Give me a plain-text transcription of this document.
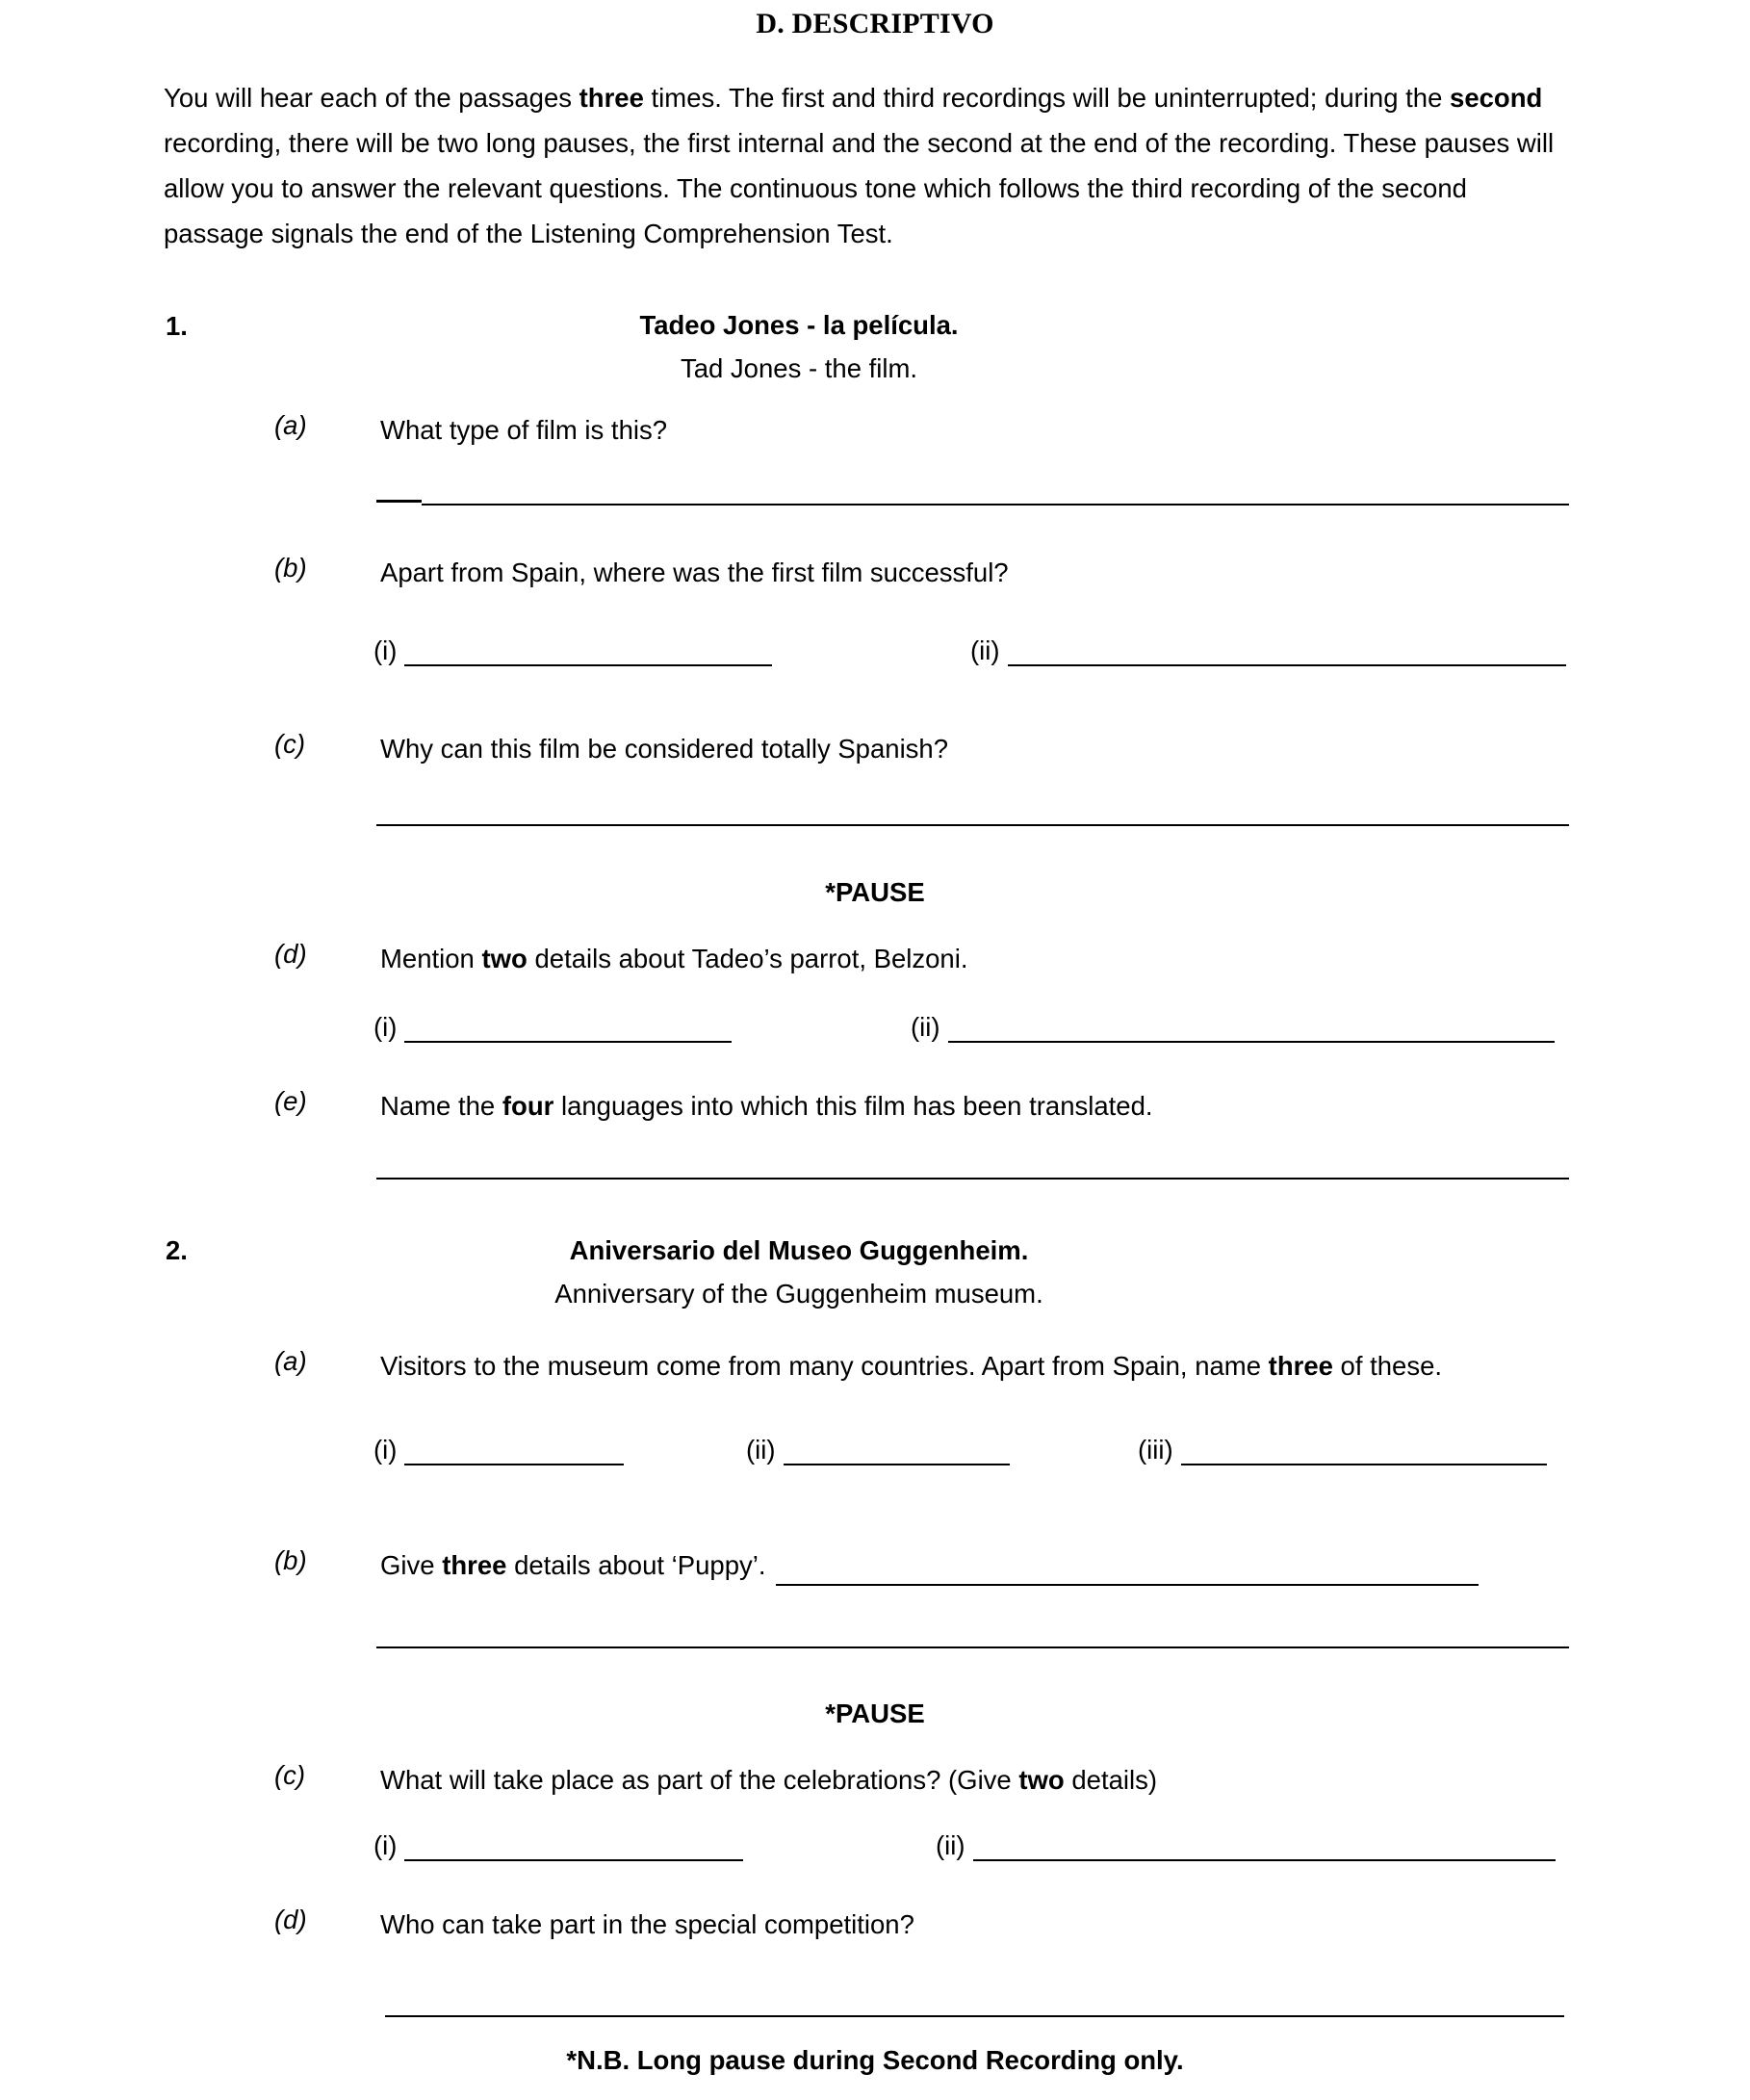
D. DESCRIPTIVO
You will hear each of the passages three times. The first and third recordings will be uninterrupted; during the second recording, there will be two long pauses, the first internal and the second at the end of the recording. These pauses will allow you to answer the relevant questions. The continuous tone which follows the third recording of the second passage signals the end of the Listening Comprehension Test.
1.	Tadeo Jones - la película.
Tad Jones - the film.
(a)	What type of film is this?
(b)	Apart from Spain, where was the first film successful?
(i)	(ii)
(c)	Why can this film be considered totally Spanish?
*PAUSE
(d)	Mention two details about Tadeo’s parrot, Belzoni.
(i)	(ii)
(e)	Name the four languages into which this film has been translated.
2.	Aniversario del Museo Guggenheim.
Anniversary of the Guggenheim museum.
(a)	Visitors to the museum come from many countries. Apart from Spain, name three of these.
(i)	(ii)	(iii)
(b)	Give three details about ‘Puppy’.
*PAUSE
(c)	What will take place as part of the celebrations? (Give two details)
(i)	(ii)
(d)	Who can take part in the special competition?
*N.B. Long pause during Second Recording only.
